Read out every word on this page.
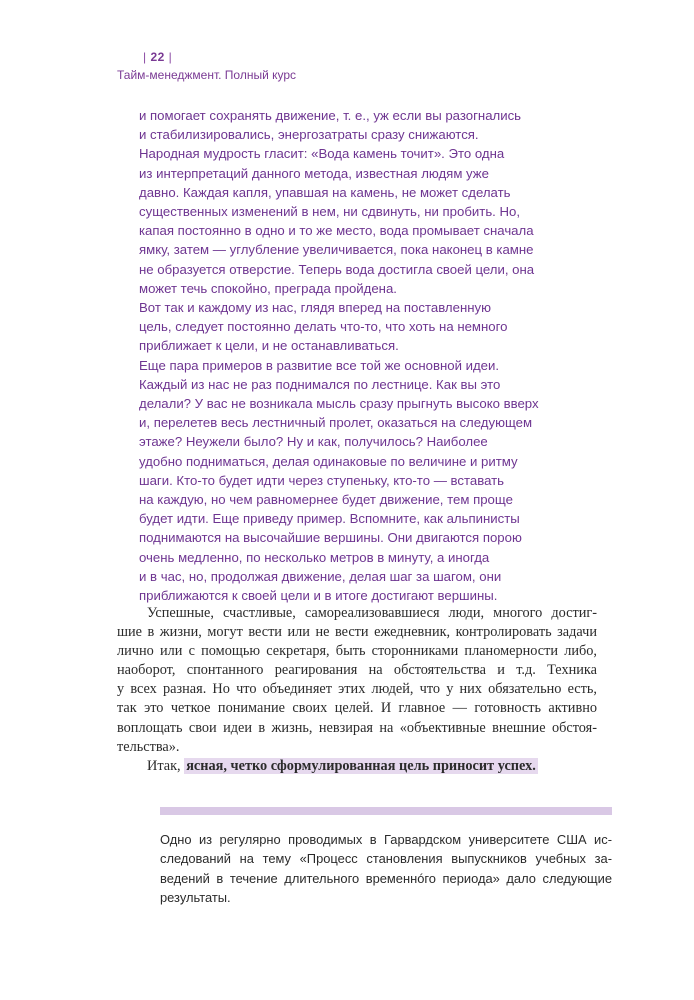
| 22 |
Тайм-менеджмент. Полный курс
и помогает сохранять движение, т. е., уж если вы разогнались
и стабилизировались, энергозатраты сразу снижаются.
Народная мудрость гласит: «Вода камень точит». Это одна
из интерпретаций данного метода, известная людям уже
давно. Каждая капля, упавшая на камень, не может сделать
существенных изменений в нем, ни сдвинуть, ни пробить. Но,
капая постоянно в одно и то же место, вода промывает сначала
ямку, затем — углубление увеличивается, пока наконец в камне
не образуется отверстие. Теперь вода достигла своей цели, она
может течь спокойно, преграда пройдена.
Вот так и каждому из нас, глядя вперед на поставленную
цель, следует постоянно делать что-то, что хоть на немного
приближает к цели, и не останавливаться.
Еще пара примеров в развитие все той же основной идеи.
Каждый из нас не раз поднимался по лестнице. Как вы это
делали? У вас не возникала мысль сразу прыгнуть высоко вверх
и, перелетев весь лестничный пролет, оказаться на следующем
этаже? Неужели было? Ну и как, получилось? Наиболее
удобно подниматься, делая одинаковые по величине и ритму
шаги. Кто-то будет идти через ступеньку, кто-то — вставать
на каждую, но чем равномернее будет движение, тем проще
будет идти. Еще приведу пример. Вспомните, как альпинисты
поднимаются на высочайшие вершины. Они двигаются порою
очень медленно, по несколько метров в минуту, а иногда
и в час, но, продолжая движение, делая шаг за шагом, они
приближаются к своей цели и в итоге достигают вершины.
Успешные, счастливые, самореализовавшиеся люди, многого достиг-
шие в жизни, могут вести или не вести ежедневник, контролировать задачи
лично или с помощью секретаря, быть сторонниками планомерности либо,
наоборот, спонтанного реагирования на обстоятельства и т.д. Техника
у всех разная. Но что объединяет этих людей, что у них обязательно есть,
так это четкое понимание своих целей. И главное — готовность активно
воплощать свои идеи в жизнь, невзирая на «объективные внешние обстоя-
тельства».
Итак, ясная, четко сформулированная цель приносит успех.
Одно из регулярно проводимых в Гарвардском университете США ис-
следований на тему «Процесс становления выпускников учебных за-
ведений в течение длительного временнóго периода» дало следующие
результаты.
